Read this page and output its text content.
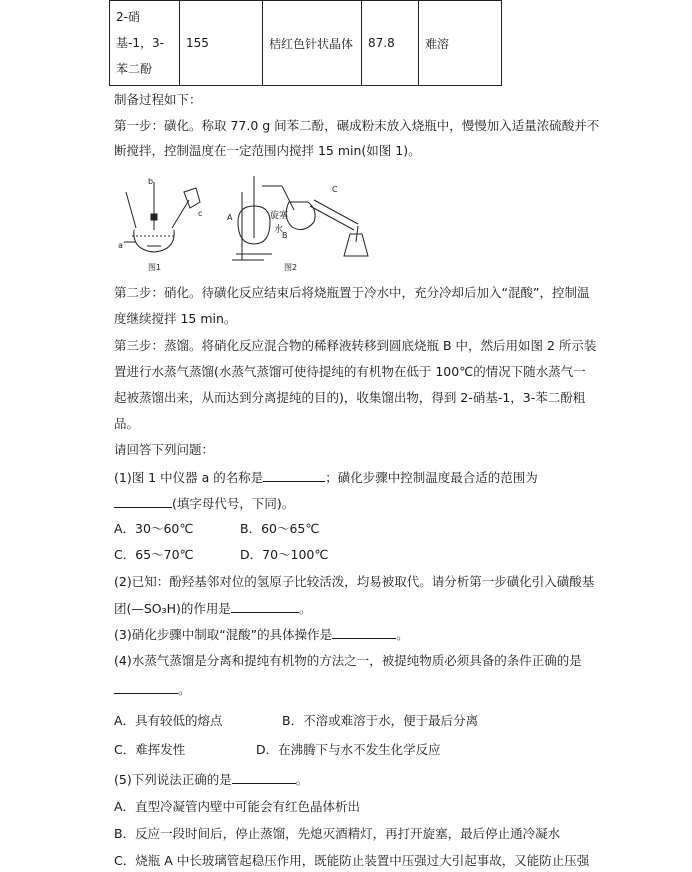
2-硝基-1，3-苯二酚	155	桔红色针状晶体	87.8	难溶
制备过程如下：
第一步：磺化。称取 77.0 g 间苯二酚，碾成粉末放入烧瓶中，慢慢加入适量浓硫酸并不
断搅拌，控制温度在一定范围内搅拌 15 min(如图 1)。
a
b
c	A	旋塞
水
B
C
图1	图2
第二步：硝化。待磺化反应结束后将烧瓶置于冷水中，充分冷却后加入“混酸”，控制温
度继续搅拌 15 min。
第三步：蒸馏。将硝化反应混合物的稀释液转移到圆底烧瓶 B 中，然后用如图 2 所示装
置进行水蒸气蒸馏(水蒸气蒸馏可使待提纯的有机物在低于 100℃的情况下随水蒸气一
起被蒸馏出来，从而达到分离提纯的目的)，收集馏出物，得到 2-硝基-1，3-苯二酚粗
品。
请回答下列问题：
(1)图 1 中仪器 a 的名称是	；磺化步骤中控制温度最合适的范围为
(填字母代号，下同)。
A．30～60℃	B．60～65℃
C．65～70℃	D．70～100℃
(2)已知：酚羟基邻对位的氢原子比较活泼，均易被取代。请分析第一步磺化引入磺酸基
团(—SO₃H)的作用是	。
(3)硝化步骤中制取“混酸”的具体操作是	。
(4)水蒸气蒸馏是分离和提纯有机物的方法之一，被提纯物质必须具备的条件正确的是
。
A．具有较低的熔点	B．不溶或难溶于水，便于最后分离
C．难挥发性	D．在沸腾下与水不发生化学反应
(5)下列说法正确的是	。
A．直型冷凝管内壁中可能会有红色晶体析出
B．反应一段时间后，停止蒸馏，先熄灭酒精灯，再打开旋塞，最后停止通冷凝水
C．烧瓶 A 中长玻璃管起稳压作用，既能防止装置中压强过大引起事故，又能防止压强
